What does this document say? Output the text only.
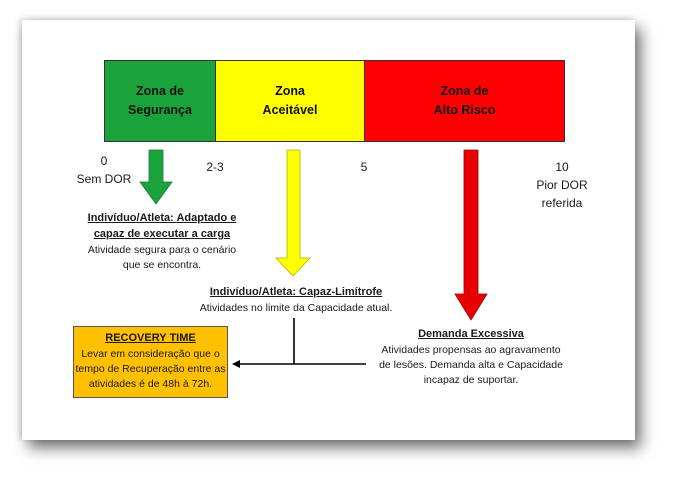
Zona de
Segurança
Zona
Aceitável
Zona de
Alto Risco
0
Sem DOR
2-3	5	10
Pior DOR
referida
Indivíduo/Atleta: Adaptado e capaz de executar a carga
Atividade segura para o cenário
que se encontra.
Indivíduo/Atleta: Capaz-Limítrofe
Atividades no limite da Capacidade atual.
Demanda Excessiva
Atividades propensas ao agravamento
de lesões. Demanda alta e Capacidade
incapaz de suportar.
RECOVERY TIME
Levar em consideração que o tempo de Recuperação entre as atividades é de 48h à 72h.
